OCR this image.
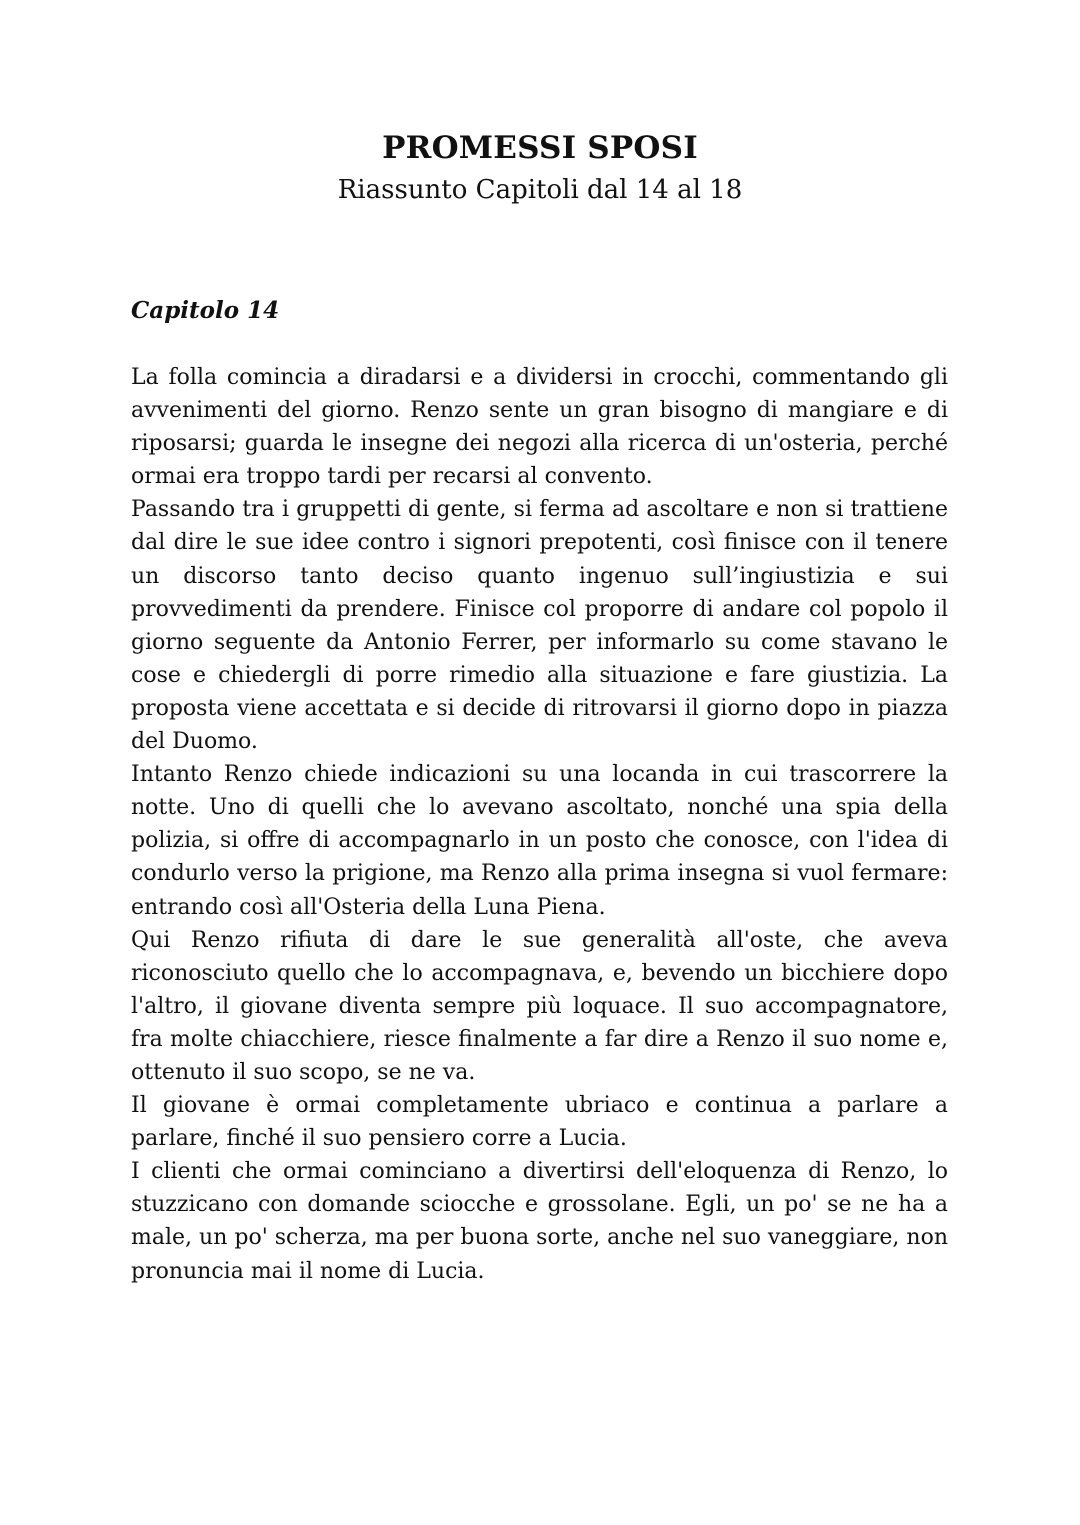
PROMESSI SPOSI
Riassunto Capitoli dal 14 al 18
Capitolo 14

La folla comincia a diradarsi e a dividersi in crocchi, commentando gli avvenimenti del giorno. Renzo sente un gran bisogno di mangiare e di riposarsi; guarda le insegne dei negozi alla ricerca di un'osteria, perché ormai era troppo tardi per recarsi al convento.

Passando tra i gruppetti di gente, si ferma ad ascoltare e non si trattiene dal dire le sue idee contro i signori prepotenti, così finisce con il tenere un discorso tanto deciso quanto ingenuo sull’ingiustizia e sui provvedimenti da prendere. Finisce col proporre di andare col popolo il giorno seguente da Antonio Ferrer, per informarlo su come stavano le cose e chiedergli di porre rimedio alla situazione e fare giustizia. La proposta viene accettata e si decide di ritrovarsi il giorno dopo in piazza del Duomo.

Intanto Renzo chiede indicazioni su una locanda in cui trascorrere la notte. Uno di quelli che lo avevano ascoltato, nonché una spia della polizia, si offre di accompagnarlo in un posto che conosce, con l'idea di condurlo verso la prigione, ma Renzo alla prima insegna si vuol fermare: entrando così all'Osteria della Luna Piena.

Qui Renzo rifiuta di dare le sue generalità all'oste, che aveva riconosciuto quello che lo accompagnava, e, bevendo un bicchiere dopo l'altro, il giovane diventa sempre più loquace. Il suo accompagnatore, fra molte chiacchiere, riesce finalmente a far dire a Renzo il suo nome e, ottenuto il suo scopo, se ne va.

Il giovane è ormai completamente ubriaco e continua a parlare a parlare, finché il suo pensiero corre a Lucia.

I clienti che ormai cominciano a divertirsi dell'eloquenza di Renzo, lo stuzzicano con domande sciocche e grossolane. Egli, un po' se ne ha a male, un po' scherza, ma per buona sorte, anche nel suo vaneggiare, non pronuncia mai il nome di Lucia.
